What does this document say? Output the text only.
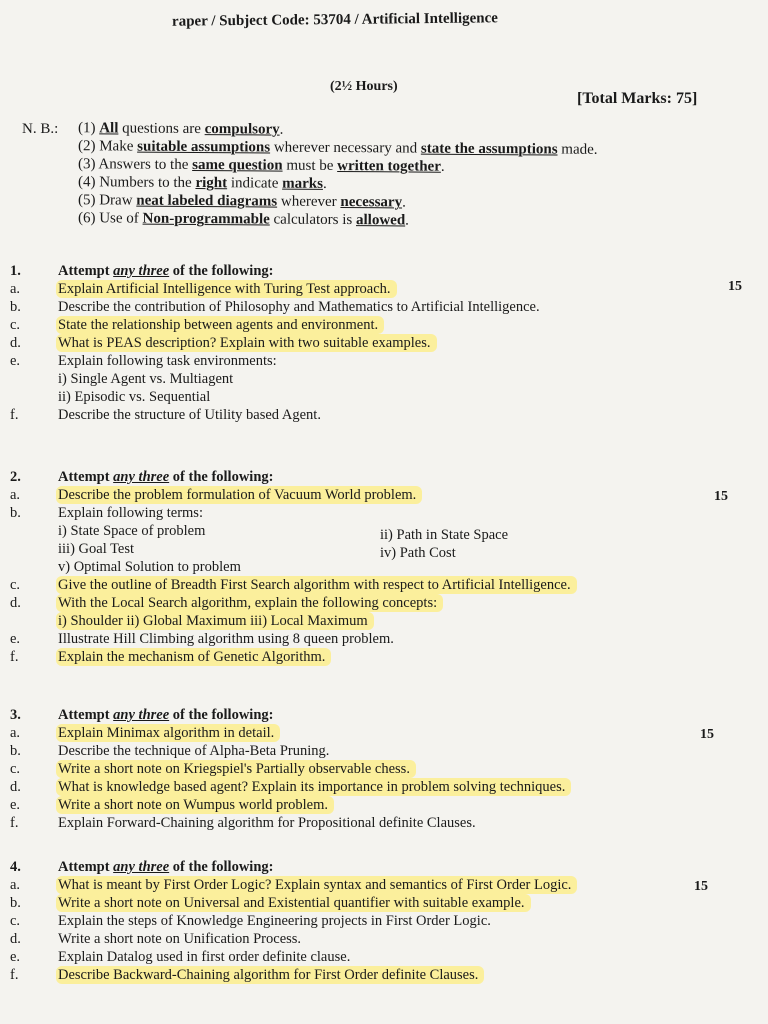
raper / Subject Code: 53704 / Artificial Intelligence
(2½ Hours)
[Total Marks: 75]
N. B.: (1) All questions are compulsory.
(2) Make suitable assumptions wherever necessary and state the assumptions made.
(3) Answers to the same question must be written together.
(4) Numbers to the right indicate marks.
(5) Draw neat labeled diagrams wherever necessary.
(6) Use of Non-programmable calculators is allowed.
1.	Attempt any three of the following:
15
a.	Explain Artificial Intelligence with Turing Test approach.
b.	Describe the contribution of Philosophy and Mathematics to Artificial Intelligence.
c.	State the relationship between agents and environment.
d.	What is PEAS description? Explain with two suitable examples.
e.	Explain following task environments:
i) Single Agent vs. Multiagent
ii) Episodic vs. Sequential
f.	Describe the structure of Utility based Agent.
2.	Attempt any three of the following:
15
a.	Describe the problem formulation of Vacuum World problem.
b.	Explain following terms:
i) State Space of problem	ii) Path in State Space
iii) Goal Test	iv) Path Cost
v) Optimal Solution to problem
c.	Give the outline of Breadth First Search algorithm with respect to Artificial Intelligence.
d.	With the Local Search algorithm, explain the following concepts:
i) Shoulder ii) Global Maximum iii) Local Maximum
e.	Illustrate Hill Climbing algorithm using 8 queen problem.
f.	Explain the mechanism of Genetic Algorithm.
3.	Attempt any three of the following:
15
a.	Explain Minimax algorithm in detail.
b.	Describe the technique of Alpha-Beta Pruning.
c.	Write a short note on Kriegspiel's Partially observable chess.
d.	What is knowledge based agent? Explain its importance in problem solving techniques.
e.	Write a short note on Wumpus world problem.
f.	Explain Forward-Chaining algorithm for Propositional definite Clauses.
4.	Attempt any three of the following:
15
a.	What is meant by First Order Logic? Explain syntax and semantics of First Order Logic.
b.	Write a short note on Universal and Existential quantifier with suitable example.
c.	Explain the steps of Knowledge Engineering projects in First Order Logic.
d.	Write a short note on Unification Process.
e.	Explain Datalog used in first order definite clause.
f.	Describe Backward-Chaining algorithm for First Order definite Clauses.
